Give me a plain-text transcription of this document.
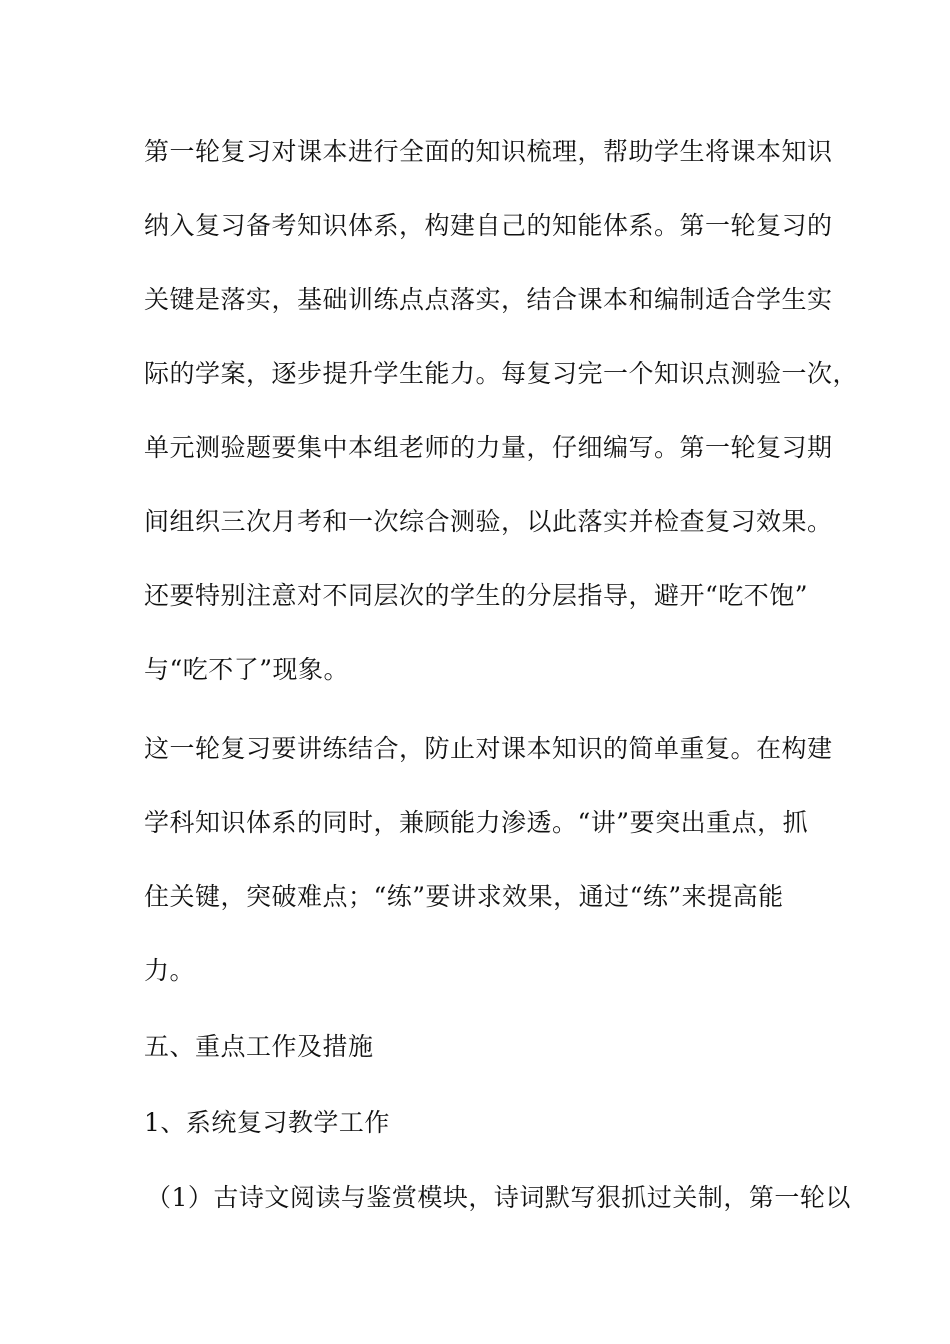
第一轮复习对课本进行全面的知识梳理，帮助学生将课本知识
纳入复习备考知识体系，构建自己的知能体系。第一轮复习的
关键是落实，基础训练点点落实，结合课本和编制适合学生实
际的学案，逐步提升学生能力。每复习完一个知识点测验一次，
单元测验题要集中本组老师的力量，仔细编写。第一轮复习期
间组织三次月考和一次综合测验，以此落实并检查复习效果。
还要特别注意对不同层次的学生的分层指导，避开“吃不饱”
与“吃不了”现象。
这一轮复习要讲练结合，防止对课本知识的简单重复。在构建
学科知识体系的同时，兼顾能力渗透。“讲”要突出重点，抓
住关键，突破难点；“练”要讲求效果，通过“练”来提高能
力。
五、重点工作及措施
1、系统复习教学工作
（1）古诗文阅读与鉴赏模块，诗词默写狠抓过关制，第一轮以
